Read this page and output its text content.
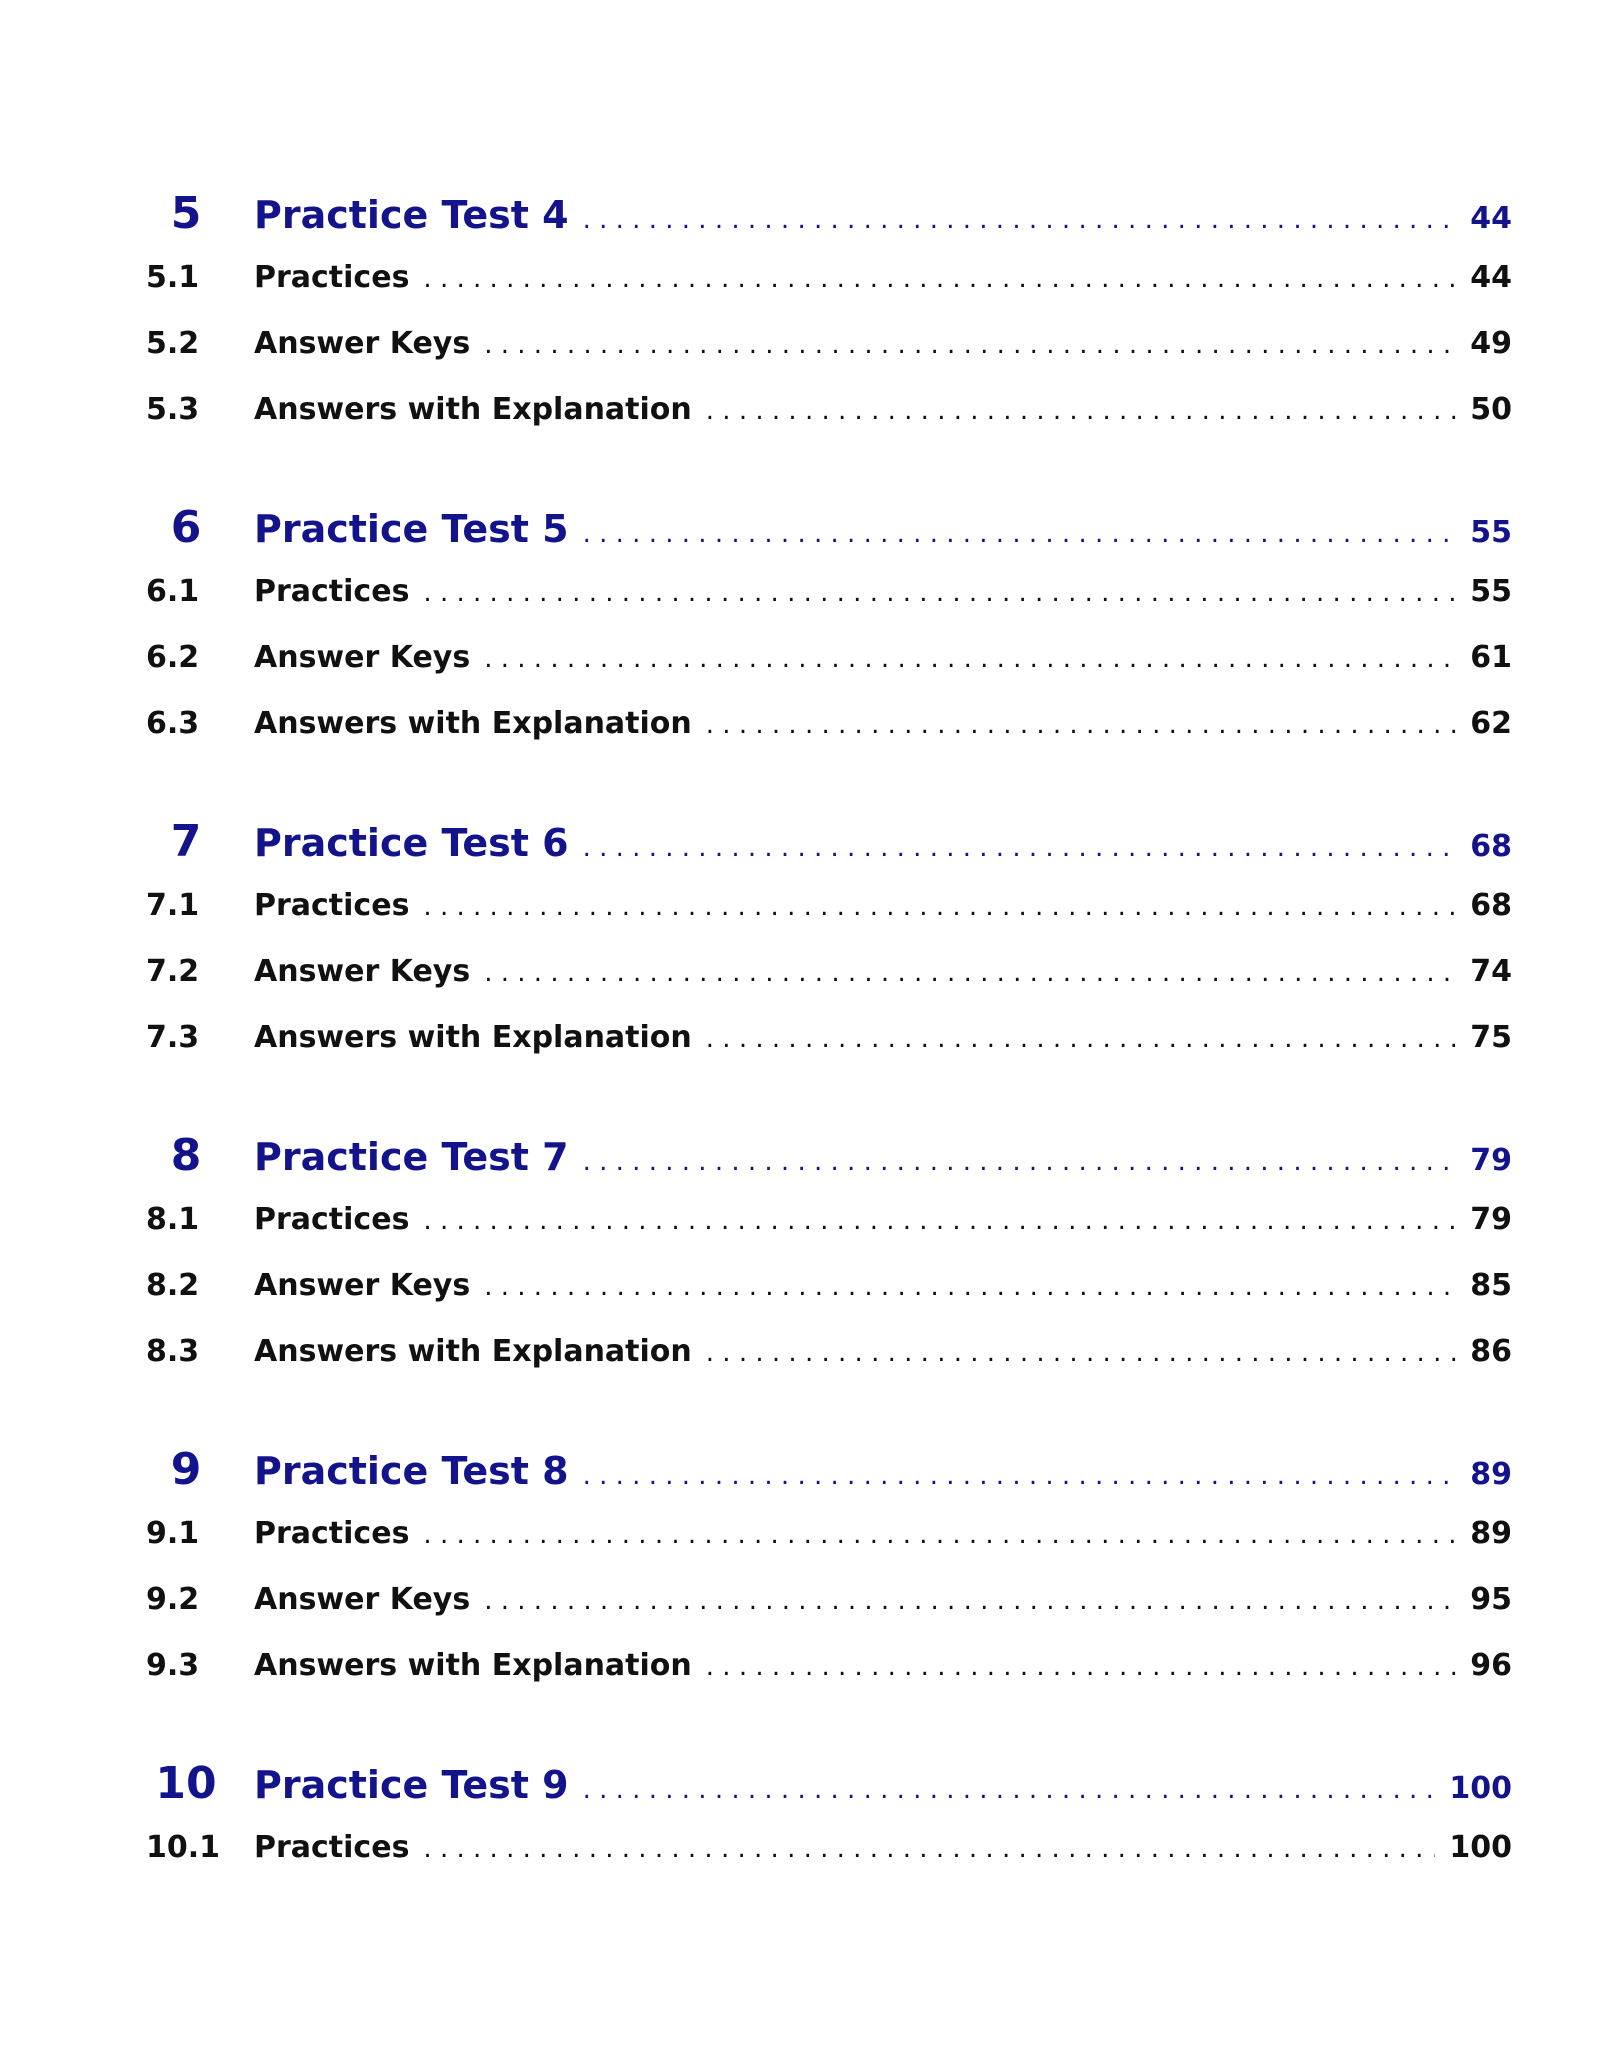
5	Practice Test 4 . . .	44
5.1	Practices . . .	44
5.2	Answer Keys . . .	49
5.3	Answers with Explanation . . .	50
6	Practice Test 5 . . .	55
6.1	Practices . . .	55
6.2	Answer Keys . . .	61
6.3	Answers with Explanation . . .	62
7	Practice Test 6 . . .	68
7.1	Practices . . .	68
7.2	Answer Keys . . .	74
7.3	Answers with Explanation . . .	75
8	Practice Test 7 . . .	79
8.1	Practices . . .	79
8.2	Answer Keys . . .	85
8.3	Answers with Explanation . . .	86
9	Practice Test 8 . . .	89
9.1	Practices . . .	89
9.2	Answer Keys . . .	95
9.3	Answers with Explanation . . .	96
10 Practice Test 9 . . .	100
10.1	Practices . . .	100
